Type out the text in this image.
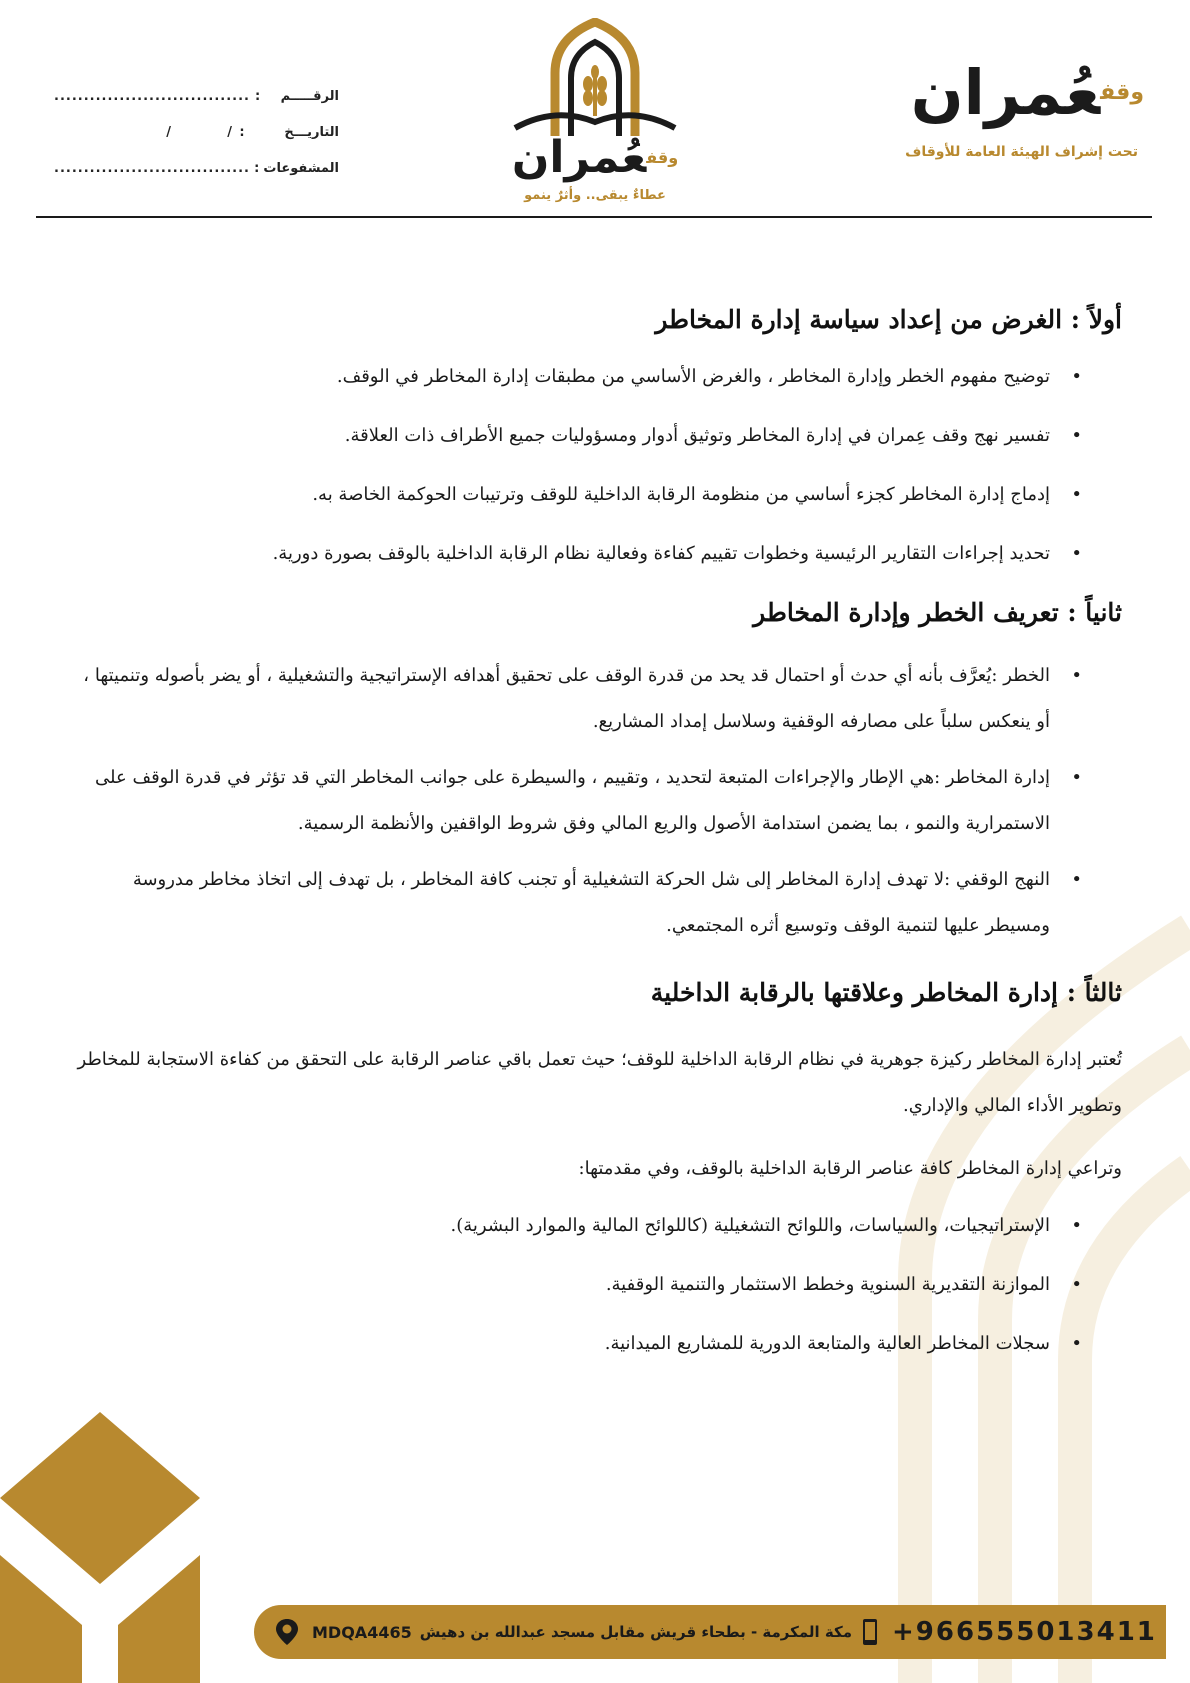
$^{وقف}$عُمران
تحت إشراف الهيئة العامة للأوقاف
$^{وقف}$عُمران
عطاءٌ يبقى.. وأثرٌ ينمو
الرقـــــم
:
.................................
التاريـــخ
:
/          /
المشفوعات
:
.................................
أولاً : الغرض من إعداد سياسة إدارة المخاطر
• توضيح مفهوم الخطر وإدارة المخاطر ، والغرض الأساسي من مطبقات إدارة المخاطر في الوقف.
• تفسير نهج وقف عِمران في إدارة المخاطر وتوثيق أدوار ومسؤوليات جميع الأطراف ذات العلاقة.
• إدماج إدارة المخاطر كجزء أساسي من منظومة الرقابة الداخلية للوقف وترتيبات الحوكمة الخاصة به.
• تحديد إجراءات التقارير الرئيسية وخطوات تقييم كفاءة وفعالية نظام الرقابة الداخلية بالوقف بصورة دورية.
ثانياً : تعريف الخطر وإدارة المخاطر
• الخطر :يُعرَّف بأنه أي حدث أو احتمال قد يحد من قدرة الوقف على تحقيق أهدافه الإستراتيجية والتشغيلية ، أو يضر بأصوله وتنميتها ، أو ينعكس سلباً على مصارفه الوقفية وسلاسل إمداد المشاريع.
• إدارة المخاطر :هي الإطار والإجراءات المتبعة لتحديد ، وتقييم ، والسيطرة على جوانب المخاطر التي قد تؤثر في قدرة الوقف على الاستمرارية والنمو ، بما يضمن استدامة الأصول والريع المالي وفق شروط الواقفين والأنظمة الرسمية.
• النهج الوقفي :لا تهدف إدارة المخاطر إلى شل الحركة التشغيلية أو تجنب كافة المخاطر ، بل تهدف إلى اتخاذ مخاطر مدروسة ومسيطر عليها لتنمية الوقف وتوسيع أثره المجتمعي.
ثالثاً : إدارة المخاطر وعلاقتها بالرقابة الداخلية

تُعتبر إدارة المخاطر ركيزة جوهرية في نظام الرقابة الداخلية للوقف؛ حيث تعمل باقي عناصر الرقابة على التحقق من كفاءة الاستجابة للمخاطر وتطوير الأداء المالي والإداري.

وتراعي إدارة المخاطر كافة عناصر الرقابة الداخلية بالوقف، وفي مقدمتها:

• الإستراتيجيات، والسياسات، واللوائح التشغيلية (كاللوائح المالية والموارد البشرية).
• الموازنة التقديرية السنوية وخطط الاستثمار والتنمية الوقفية.
• سجلات المخاطر العالية والمتابعة الدورية للمشاريع الميدانية.
MDQA4465 مكة المكرمة - بطحاء قريش مقابل مسجد عبدالله بن دهيش +966555013411
